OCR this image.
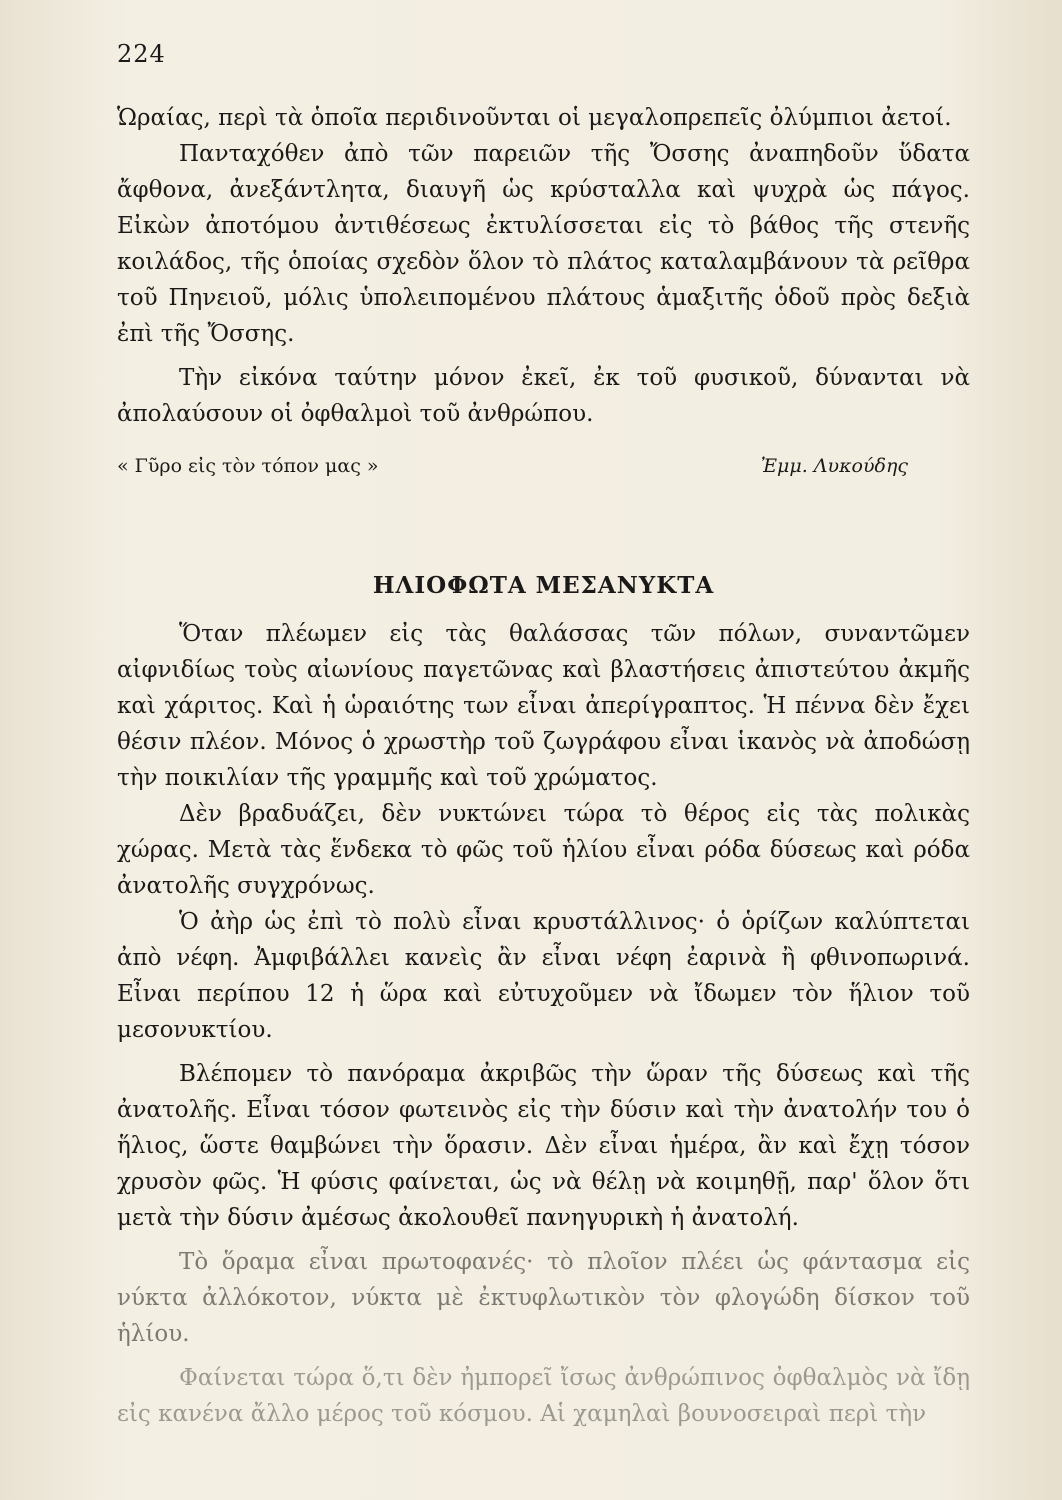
224

Ὡραίας, περὶ τὰ ὁποῖα περιδινοῦνται οἱ μεγαλοπρεπεῖς ὀλύμπιοι ἀετοί.

Πανταχόθεν ἀπὸ τῶν παρειῶν τῆς Ὄσσης ἀναπηδοῦν ὕδατα ἄφθονα, ἀνεξάντλητα, διαυγῆ ὡς κρύσταλλα καὶ ψυχρὰ ὡς πάγος. Εἰκὼν ἀποτόμου ἀντιθέσεως ἐκτυλίσσεται εἰς τὸ βάθος τῆς στενῆς κοιλάδος, τῆς ὁποίας σχεδὸν ὅλον τὸ πλάτος καταλαμβάνουν τὰ ρεῖθρα τοῦ Πηνειοῦ, μόλις ὑπολειπομένου πλάτους ἁμαξιτῆς ὁδοῦ πρὸς δεξιὰ ἐπὶ τῆς Ὄσσης.

Τὴν εἰκόνα ταύτην μόνον ἐκεῖ, ἐκ τοῦ φυσικοῦ, δύνανται νὰ ἀπολαύσουν οἱ ὀφθαλμοὶ τοῦ ἀνθρώπου.

« Γῦρο εἰς τὸν τόπον μας »	Ἐμμ. Λυκούδης
ΗΛΙΟΦΩΤΑ ΜΕΣΑΝΥΚΤΑ

Ὅταν πλέωμεν εἰς τὰς θαλάσσας τῶν πόλων, συναντῶμεν αἰφνιδίως τοὺς αἰωνίους παγετῶνας καὶ βλαστήσεις ἀπιστεύτου ἀκμῆς καὶ χάριτος. Καὶ ἡ ὡραιότης των εἶναι ἀπερίγραπτος. Ἡ πέννα δὲν ἔχει θέσιν πλέον. Μόνος ὁ χρωστὴρ τοῦ ζωγράφου εἶναι ἱκανὸς νὰ ἀποδώσῃ τὴν ποικιλίαν τῆς γραμμῆς καὶ τοῦ χρώματος.

Δὲν βραδυάζει, δὲν νυκτώνει τώρα τὸ θέρος εἰς τὰς πολικὰς χώρας. Μετὰ τὰς ἕνδεκα τὸ φῶς τοῦ ἡλίου εἶναι ρόδα δύσεως καὶ ρόδα ἀνατολῆς συγχρόνως.

Ὁ ἀὴρ ὡς ἐπὶ τὸ πολὺ εἶναι κρυστάλλινος· ὁ ὁρίζων καλύπτεται ἀπὸ νέφη. Ἀμφιβάλλει κανεὶς ἂν εἶναι νέφη ἐαρινὰ ἢ φθινοπωρινά. Εἶναι περίπου 12 ἡ ὥρα καὶ εὐτυχοῦμεν νὰ ἴδωμεν τὸν ἥλιον τοῦ μεσονυκτίου.

Βλέπομεν τὸ πανόραμα ἀκριβῶς τὴν ὥραν τῆς δύσεως καὶ τῆς ἀνατολῆς. Εἶναι τόσον φωτεινὸς εἰς τὴν δύσιν καὶ τὴν ἀνατολήν του ὁ ἥλιος, ὥστε θαμβώνει τὴν ὅρασιν. Δὲν εἶναι ἡμέρα, ἂν καὶ ἔχῃ τόσον χρυσὸν φῶς. Ἡ φύσις φαίνεται, ὡς νὰ θέλῃ νὰ κοιμηθῇ, παρ' ὅλον ὅτι μετὰ τὴν δύσιν ἀμέσως ἀκολουθεῖ πανηγυρικὴ ἡ ἀνατολή.

Τὸ ὅραμα εἶναι πρωτοφανές· τὸ πλοῖον πλέει ὡς φάντασμα εἰς νύκτα ἀλλόκοτον, νύκτα μὲ ἐκτυφλωτικὸν τὸν φλογώδη δίσκον τοῦ ἡλίου.

Φαίνεται τώρα ὅ,τι δὲν ἠμπορεῖ ἴσως ἀνθρώπινος ὀφθαλμὸς νὰ ἴδῃ εἰς κανένα ἄλλο μέρος τοῦ κόσμου. Αἱ χαμηλαὶ βουνοσειραὶ περὶ τὴν
